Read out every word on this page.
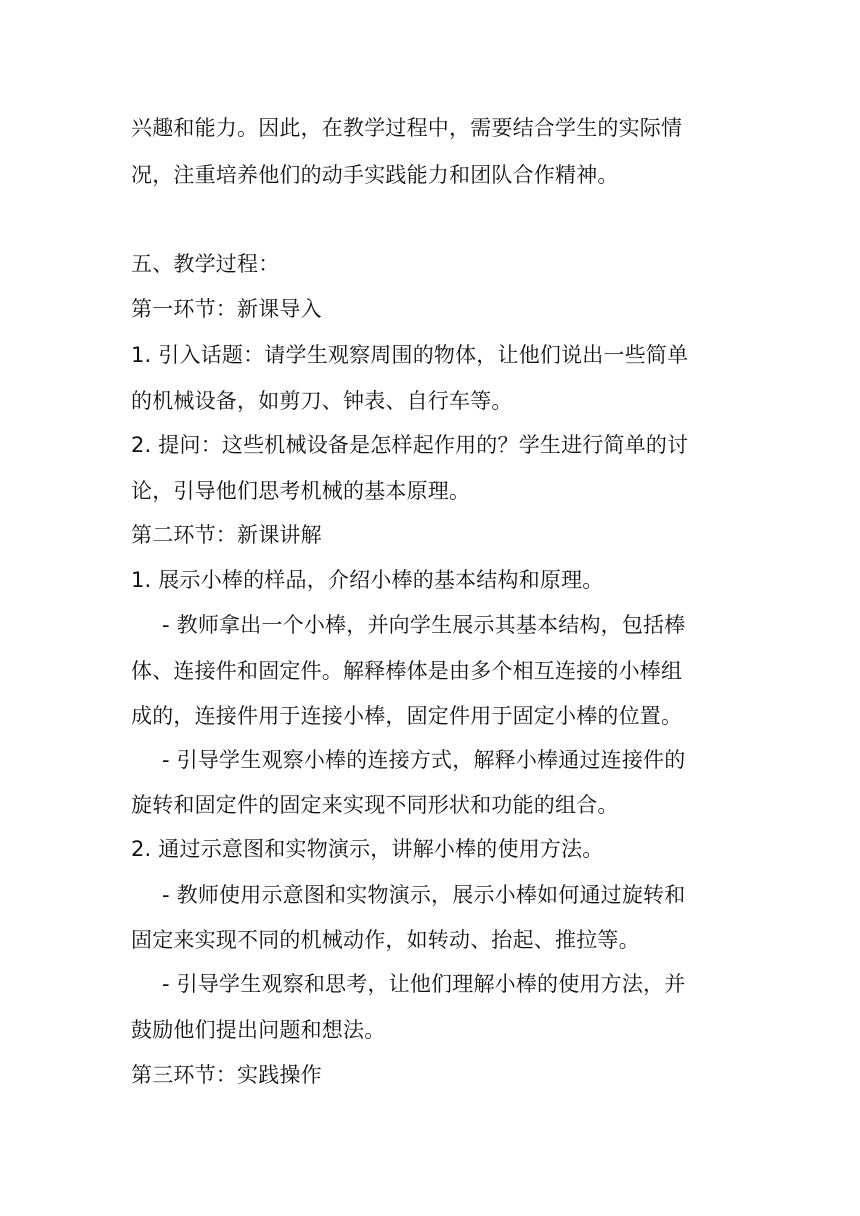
兴趣和能力。因此，在教学过程中，需要结合学生的实际情
况，注重培养他们的动手实践能力和团队合作精神。
五、教学过程：
第一环节：新课导入
1. 引入话题：请学生观察周围的物体，让他们说出一些简单
的机械设备，如剪刀、钟表、自行车等。
2. 提问：这些机械设备是怎样起作用的？学生进行简单的讨
论，引导他们思考机械的基本原理。
第二环节：新课讲解
1. 展示小棒的样品，介绍小棒的基本结构和原理。
- 教师拿出一个小棒，并向学生展示其基本结构，包括棒
体、连接件和固定件。解释棒体是由多个相互连接的小棒组
成的，连接件用于连接小棒，固定件用于固定小棒的位置。
- 引导学生观察小棒的连接方式，解释小棒通过连接件的
旋转和固定件的固定来实现不同形状和功能的组合。
2. 通过示意图和实物演示，讲解小棒的使用方法。
- 教师使用示意图和实物演示，展示小棒如何通过旋转和
固定来实现不同的机械动作，如转动、抬起、推拉等。
- 引导学生观察和思考，让他们理解小棒的使用方法，并
鼓励他们提出问题和想法。
第三环节：实践操作
